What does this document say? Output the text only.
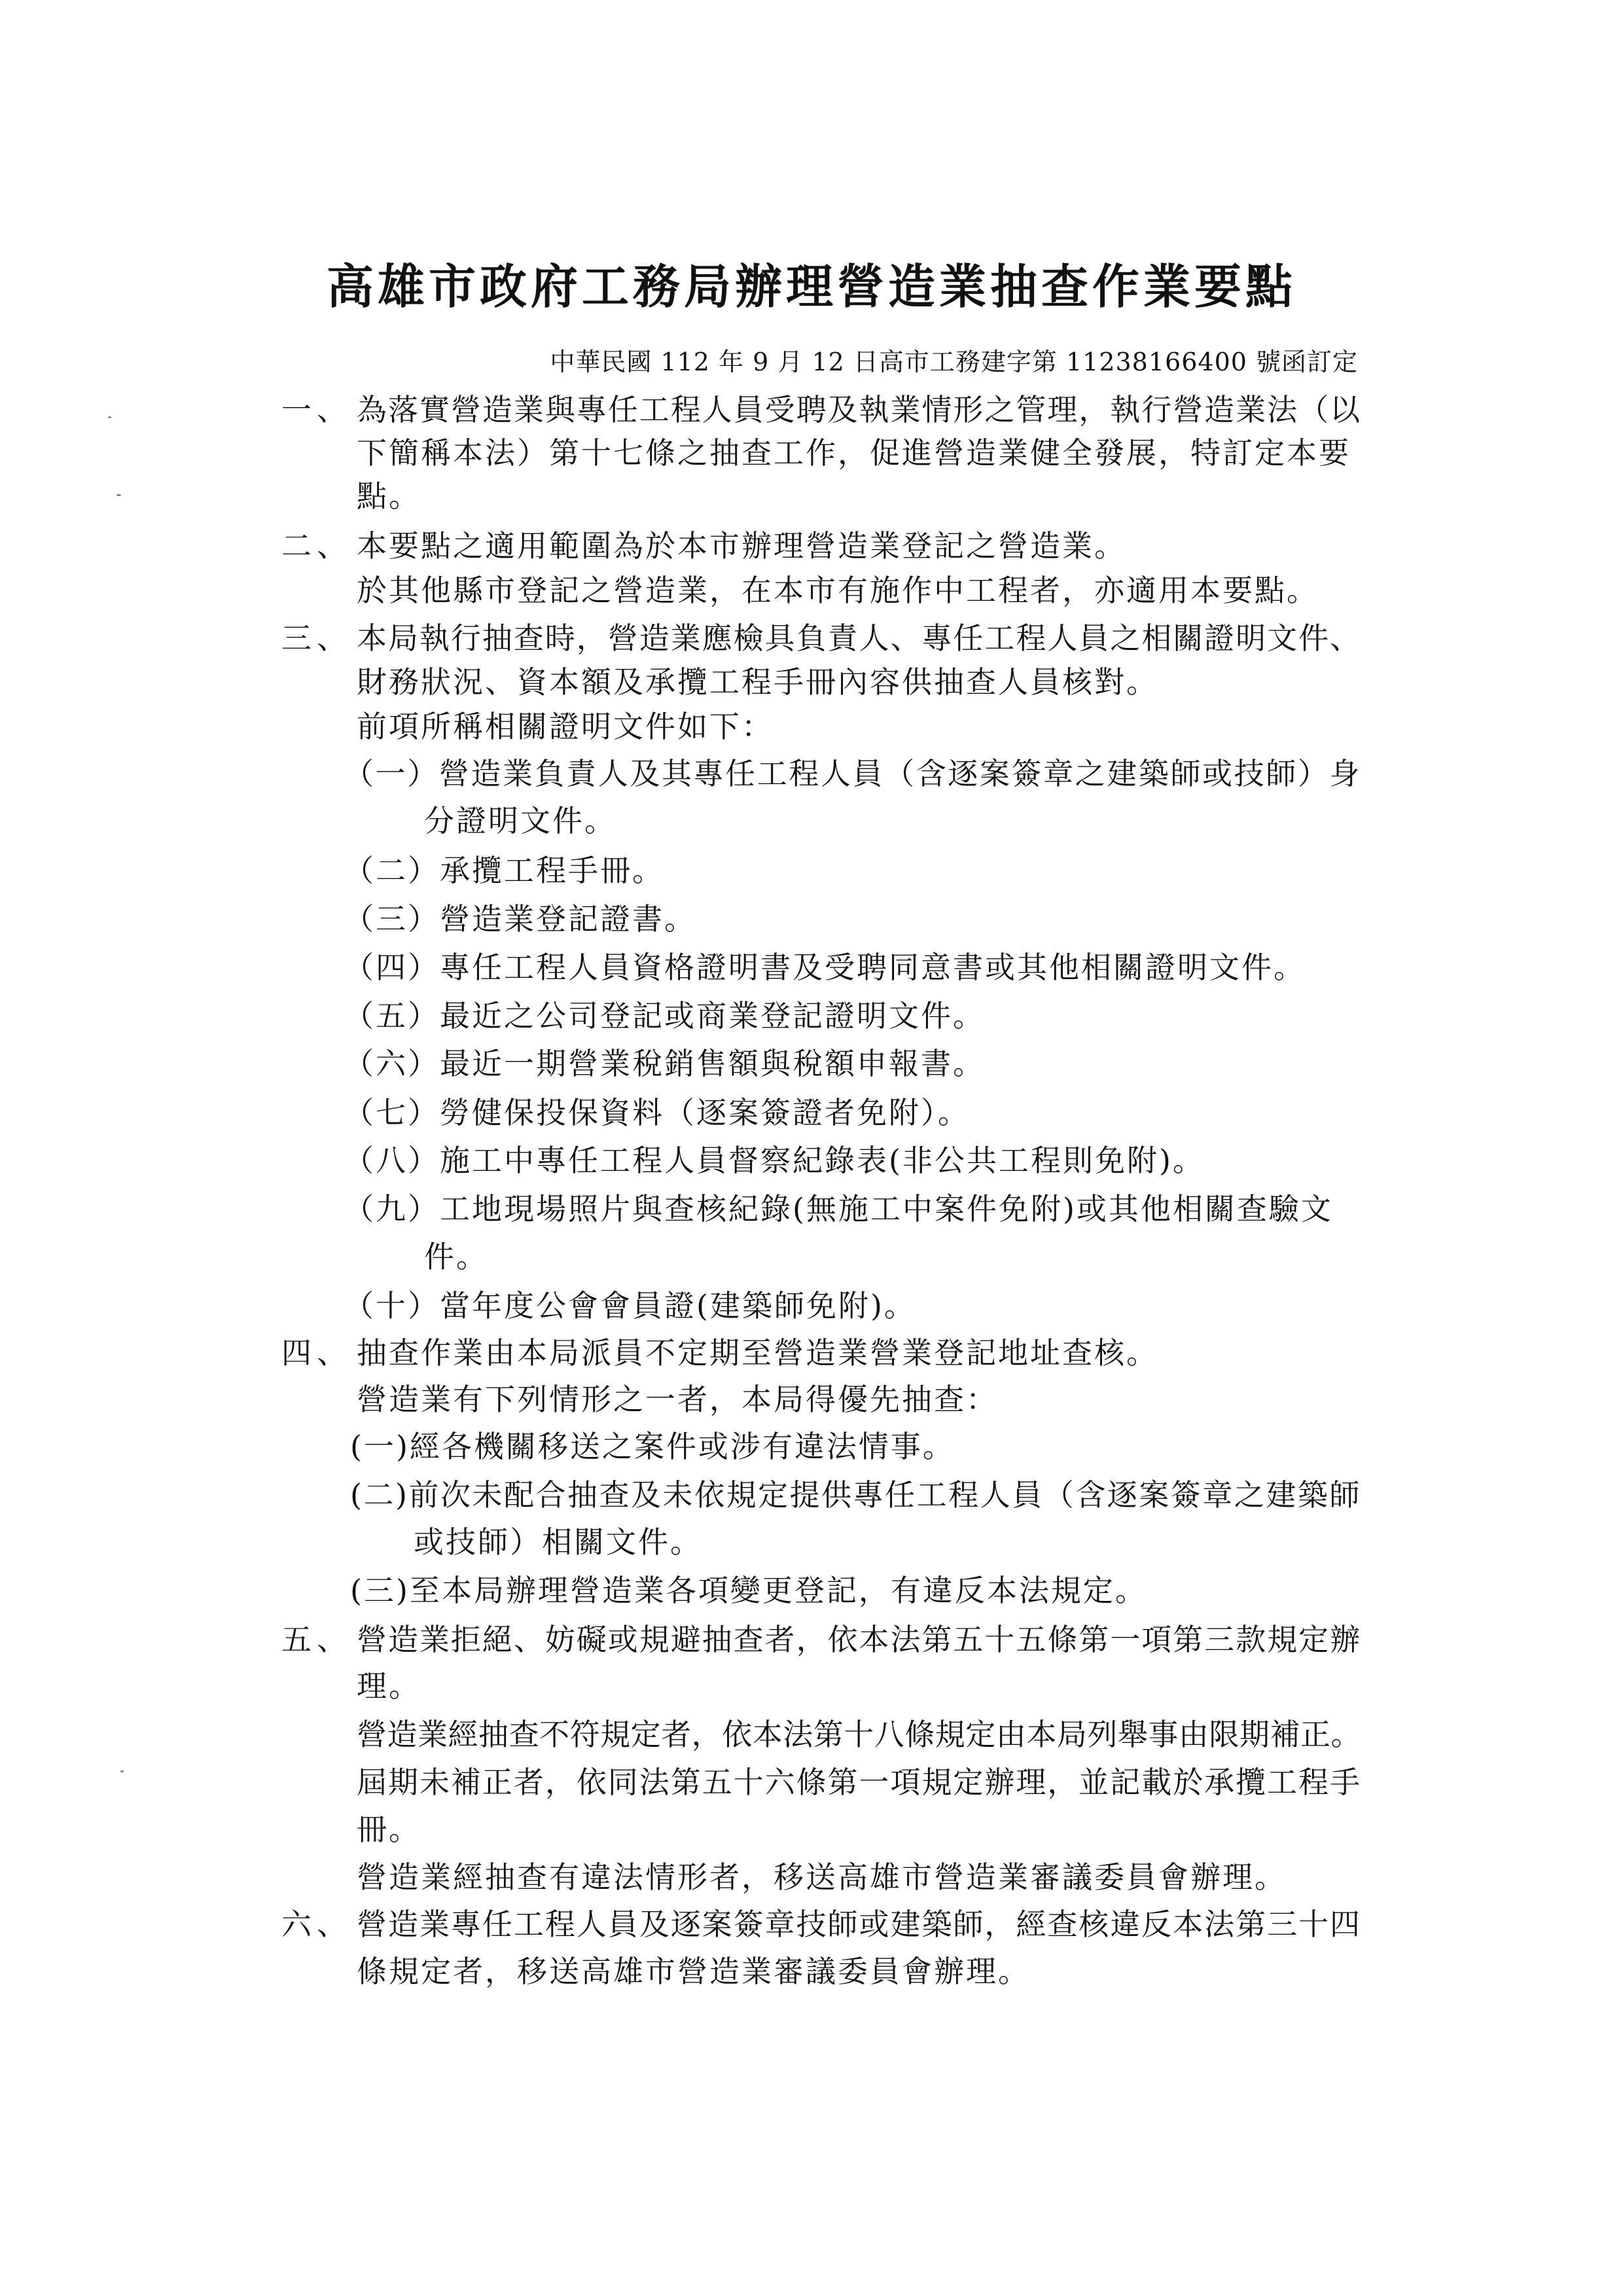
高雄市政府工務局辦理營造業抽查作業要點
中華民國 112 年 9 月 12 日高市工務建字第 11238166400 號函訂定
一、 為落實營造業與專任工程人員受聘及執業情形之管理，執行營造業法（以
下簡稱本法）第十七條之抽查工作，促進營造業健全發展，特訂定本要
點。
二、 本要點之適用範圍為於本市辦理營造業登記之營造業。
於其他縣市登記之營造業，在本市有施作中工程者，亦適用本要點。
三、 本局執行抽查時，營造業應檢具負責人、專任工程人員之相關證明文件、
財務狀況、資本額及承攬工程手冊內容供抽查人員核對。
前項所稱相關證明文件如下：
（一）營造業負責人及其專任工程人員（含逐案簽章之建築師或技師）身
分證明文件。
（二）承攬工程手冊。
（三）營造業登記證書。
（四）專任工程人員資格證明書及受聘同意書或其他相關證明文件。
（五）最近之公司登記或商業登記證明文件。
（六）最近一期營業稅銷售額與稅額申報書。
（七）勞健保投保資料（逐案簽證者免附）。
（八）施工中專任工程人員督察紀錄表(非公共工程則免附)。
（九）工地現場照片與查核紀錄(無施工中案件免附)或其他相關查驗文
件。
（十）當年度公會會員證(建築師免附)。
四、 抽查作業由本局派員不定期至營造業營業登記地址查核。
營造業有下列情形之一者，本局得優先抽查：
(一)經各機關移送之案件或涉有違法情事。
(二)前次未配合抽查及未依規定提供專任工程人員（含逐案簽章之建築師
或技師）相關文件。
(三)至本局辦理營造業各項變更登記，有違反本法規定。
五、 營造業拒絕、妨礙或規避抽查者，依本法第五十五條第一項第三款規定辦
理。
營造業經抽查不符規定者，依本法第十八條規定由本局列舉事由限期補正。
屆期未補正者，依同法第五十六條第一項規定辦理，並記載於承攬工程手
冊。
營造業經抽查有違法情形者，移送高雄市營造業審議委員會辦理。
六、 營造業專任工程人員及逐案簽章技師或建築師，經查核違反本法第三十四
條規定者，移送高雄市營造業審議委員會辦理。
